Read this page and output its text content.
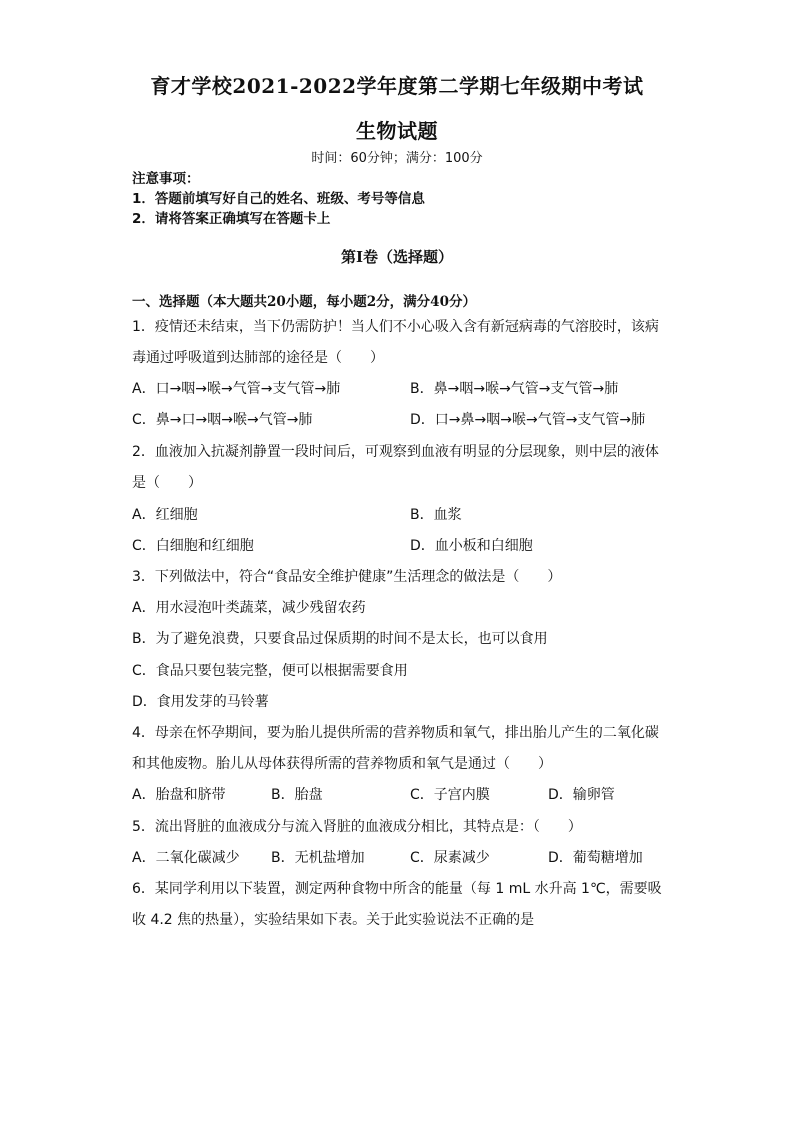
育才学校2021-2022学年度第二学期七年级期中考试
生物试题
时间：60分钟；满分：100分
注意事项：
1．答题前填写好自己的姓名、班级、考号等信息
2．请将答案正确填写在答题卡上
第I卷（选择题）
一、选择题（本大题共20小题，每小题2分，满分40分）
1．疫情还未结束，当下仍需防护！当人们不小心吸入含有新冠病毒的气溶胶时，该病
毒通过呼吸道到达肺部的途径是（　　）
A．口→咽→喉→气管→支气管→肺	B．鼻→咽→喉→气管→支气管→肺
C．鼻→口→咽→喉→气管→肺	D．口→鼻→咽→喉→气管→支气管→肺
2．血液加入抗凝剂静置一段时间后，可观察到血液有明显的分层现象，则中层的液体
是（　　）
A．红细胞	B．血浆
C．白细胞和红细胞	D．血小板和白细胞
3．下列做法中，符合“食品安全维护健康”生活理念的做法是（　　）
A．用水浸泡叶类蔬菜，减少残留农药
B．为了避免浪费，只要食品过保质期的时间不是太长，也可以食用
C．食品只要包装完整，便可以根据需要食用
D．食用发芽的马铃薯
4．母亲在怀孕期间，要为胎儿提供所需的营养物质和氧气，排出胎儿产生的二氧化碳
和其他废物。胎儿从母体获得所需的营养物质和氧气是通过（　　）
A．胎盘和脐带	B．胎盘	C．子宫内膜	D．输卵管
5．流出肾脏的血液成分与流入肾脏的血液成分相比，其特点是：（　　）
A．二氧化碳减少 B．无机盐增加	C．尿素减少	D．葡萄糖增加
6．某同学利用以下装置，测定两种食物中所含的能量（每 1 mL 水升高 1℃，需要吸
收 4.2 焦的热量），实验结果如下表。关于此实验说法不正确的是
